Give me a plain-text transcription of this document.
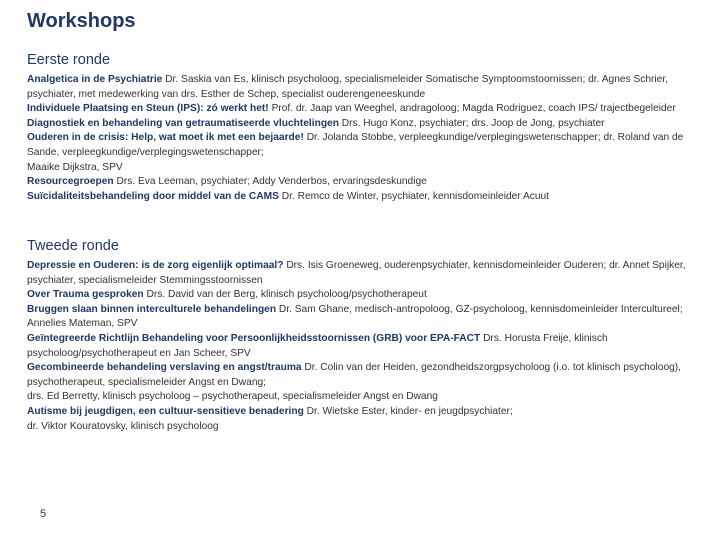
Workshops
Eerste ronde

Analgetica in de Psychiatrie Dr. Saskia van Es, klinisch psycholoog, specialismeleider Somatische Symptoomstoornissen; dr. Agnes Schrier, psychiater, met medewerking van drs. Esther de Schep, specialist ouderengeneeskunde

Individuele Plaatsing en Steun (IPS): zó werkt het! Prof. dr. Jaap van Weeghel, andragoloog; Magda Rodriguez, coach IPS/ trajectbegeleider

Diagnostiek en behandeling van getraumatiseerde vluchtelingen Drs. Hugo Konz, psychiater; drs. Joop de Jong, psychiater

Ouderen in de crisis: Help, wat moet ik met een bejaarde! Dr. Jolanda Stobbe, verpleegkundige/verplegingswetenschapper; dr. Roland van de Sande, verpleegkundige/verplegingswetenschapper;

Maaike Dijkstra, SPV

Resourcegroepen Drs. Eva Leeman, psychiater; Addy Venderbos, ervaringsdeskundige

Suïcidaliteitsbehandeling door middel van de CAMS Dr. Remco de Winter, psychiater, kennisdomeinleider Acuut

Tweede ronde

Depressie en Ouderen: is de zorg eigenlijk optimaal? Drs. Isis Groeneweg, ouderenpsychiater, kennisdomeinleider Ouderen; dr. Annet Spijker, psychiater, specialismeleider Stemmingsstoornissen

Over Trauma gesproken Drs. David van der Berg, klinisch psycholoog/psychotherapeut

Bruggen slaan binnen interculturele behandelingen Dr. Sam Ghane, medisch-antropoloog, GZ-psycholoog, kennisdomeinleider Intercultureel; Annelies Mateman, SPV

Geïntegreerde Richtlijn Behandeling voor Persoonlijkheidsstoornissen (GRB) voor EPA-FACT Drs. Horusta Freije, klinisch psycholoog/psychotherapeut en Jan Scheer, SPV

Gecombineerde behandeling verslaving en angst/trauma Dr. Colin van der Heiden, gezondheidszorgpsycholoog (i.o. tot klinisch psycholoog), psychotherapeut, specialismeleider Angst en Dwang;

drs. Ed Berretty, klinisch psycholoog – psychotherapeut, specialismeleider Angst en Dwang

Autisme bij jeugdigen, een cultuur-sensitieve benadering Dr. Wietske Ester, kinder- en jeugdpsychiater;

dr. Viktor Kouratovsky, klinisch psycholoog

5
